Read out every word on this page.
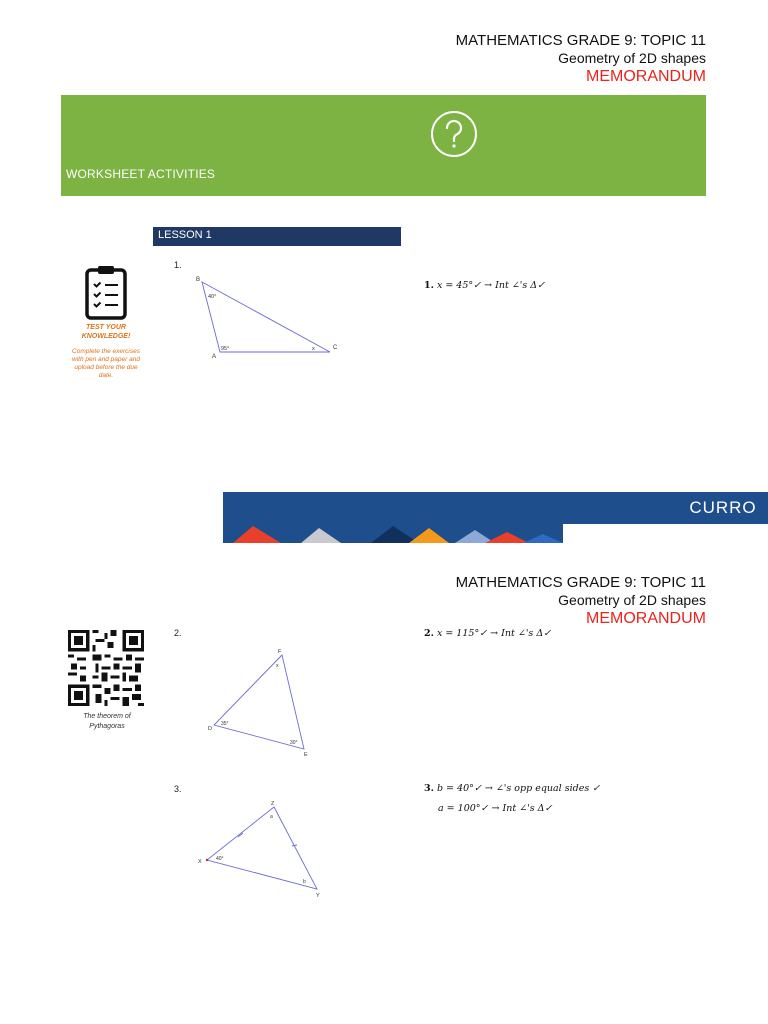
MATHEMATICS GRADE 9: TOPIC 11
Geometry of 2D shapes
MEMORANDUM
WORKSHEET ACTIVITIES
LESSON 1
TEST YOUR
KNOWLEDGE!
Complete the exercises
with pen and paper and
upload before the due
date.
1.
B
A
C
40°
95°	x
1. x = 45°✓ → Int ∠'s Δ✓
CURRO
MATHEMATICS GRADE 9: TOPIC 11
Geometry of 2D shapes
MEMORANDUM
The theorem of
Pythagoras
2.
F
D
E
x
35°
30°
2. x = 115°✓ → Int ∠'s Δ✓
3.
Z
X
Y
a
40°
b
3. b = 40°✓ → ∠'s opp equal sides ✓
a = 100°✓ → Int ∠'s Δ✓
